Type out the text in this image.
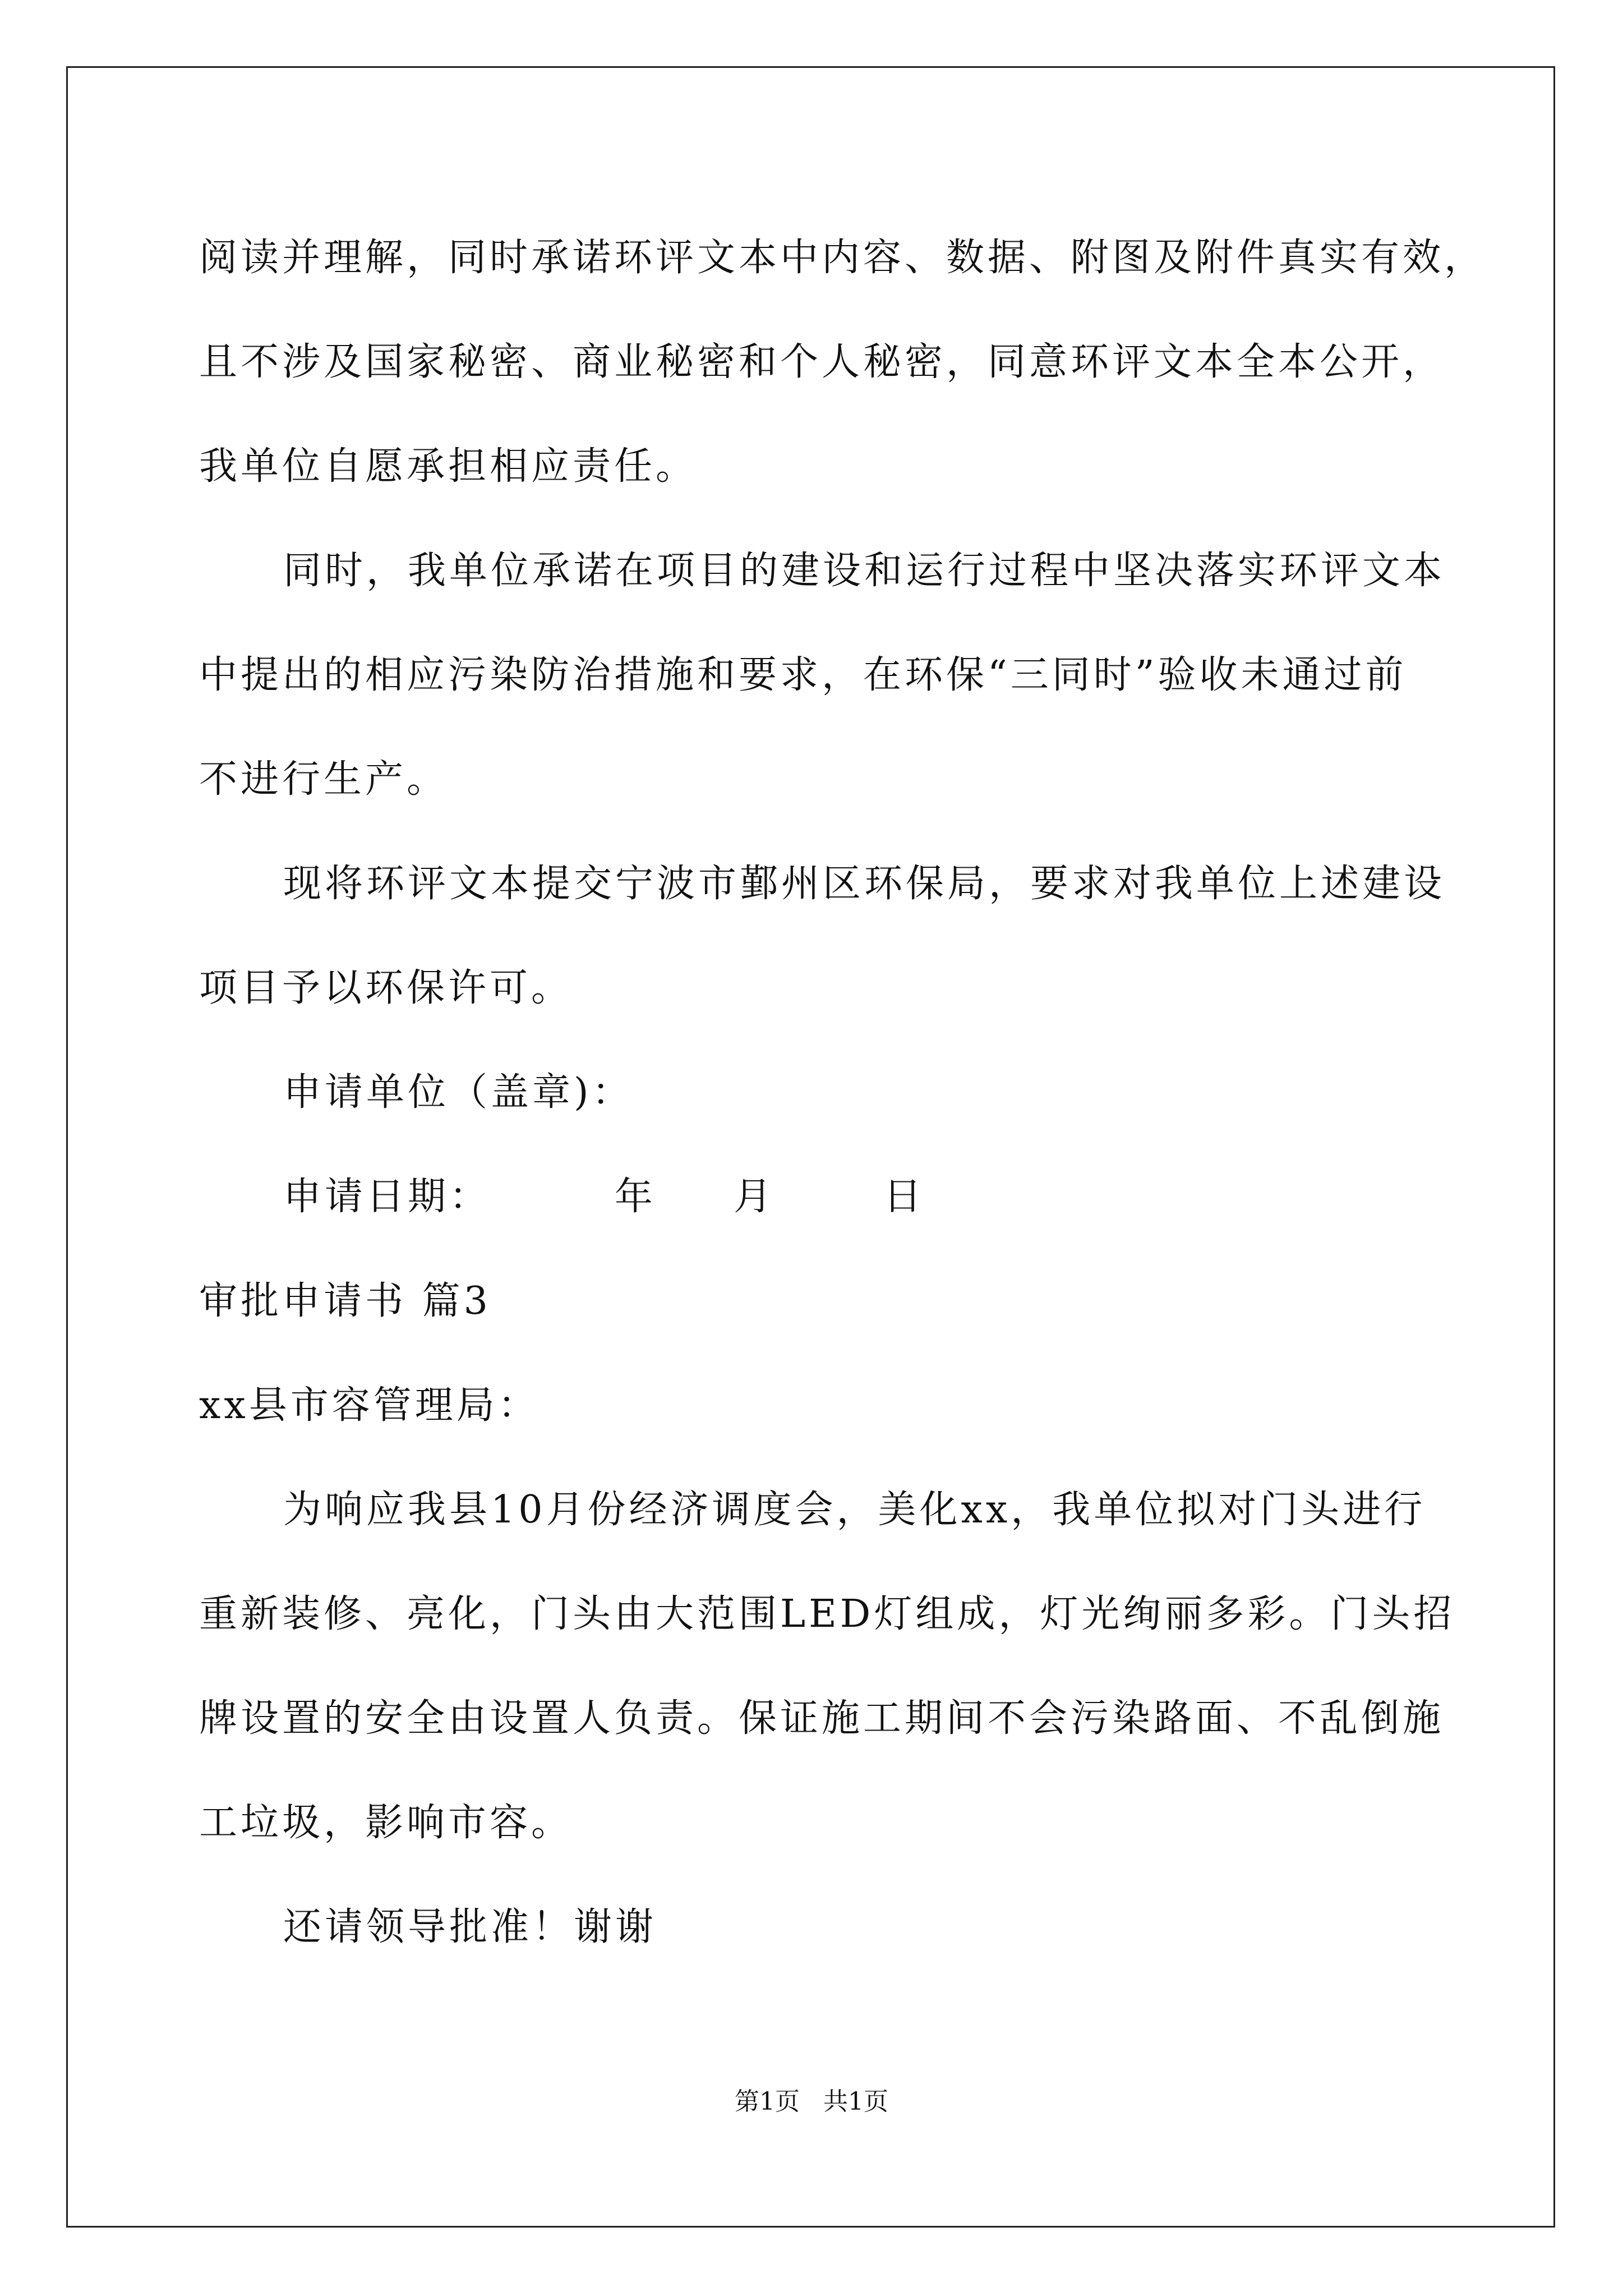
阅读并理解，同时承诺环评文本中内容、数据、附图及附件真实有效，
且不涉及国家秘密、商业秘密和个人秘密，同意环评文本全本公开，
我单位自愿承担相应责任。
同时，我单位承诺在项目的建设和运行过程中坚决落实环评文本
中提出的相应污染防治措施和要求，在环保“三同时”验收未通过前
不进行生产。
现将环评文本提交宁波市鄞州区环保局，要求对我单位上述建设
项目予以环保许可。
申请单位（盖章)：
申请日期：        年     月       日
审批申请书 篇3
xx县市容管理局：
为响应我县10月份经济调度会，美化xx，我单位拟对门头进行
重新装修、亮化，门头由大范围LED灯组成，灯光绚丽多彩。门头招
牌设置的安全由设置人负责。保证施工期间不会污染路面、不乱倒施
工垃圾，影响市容。
还请领导批准！谢谢
第1页   共1页
